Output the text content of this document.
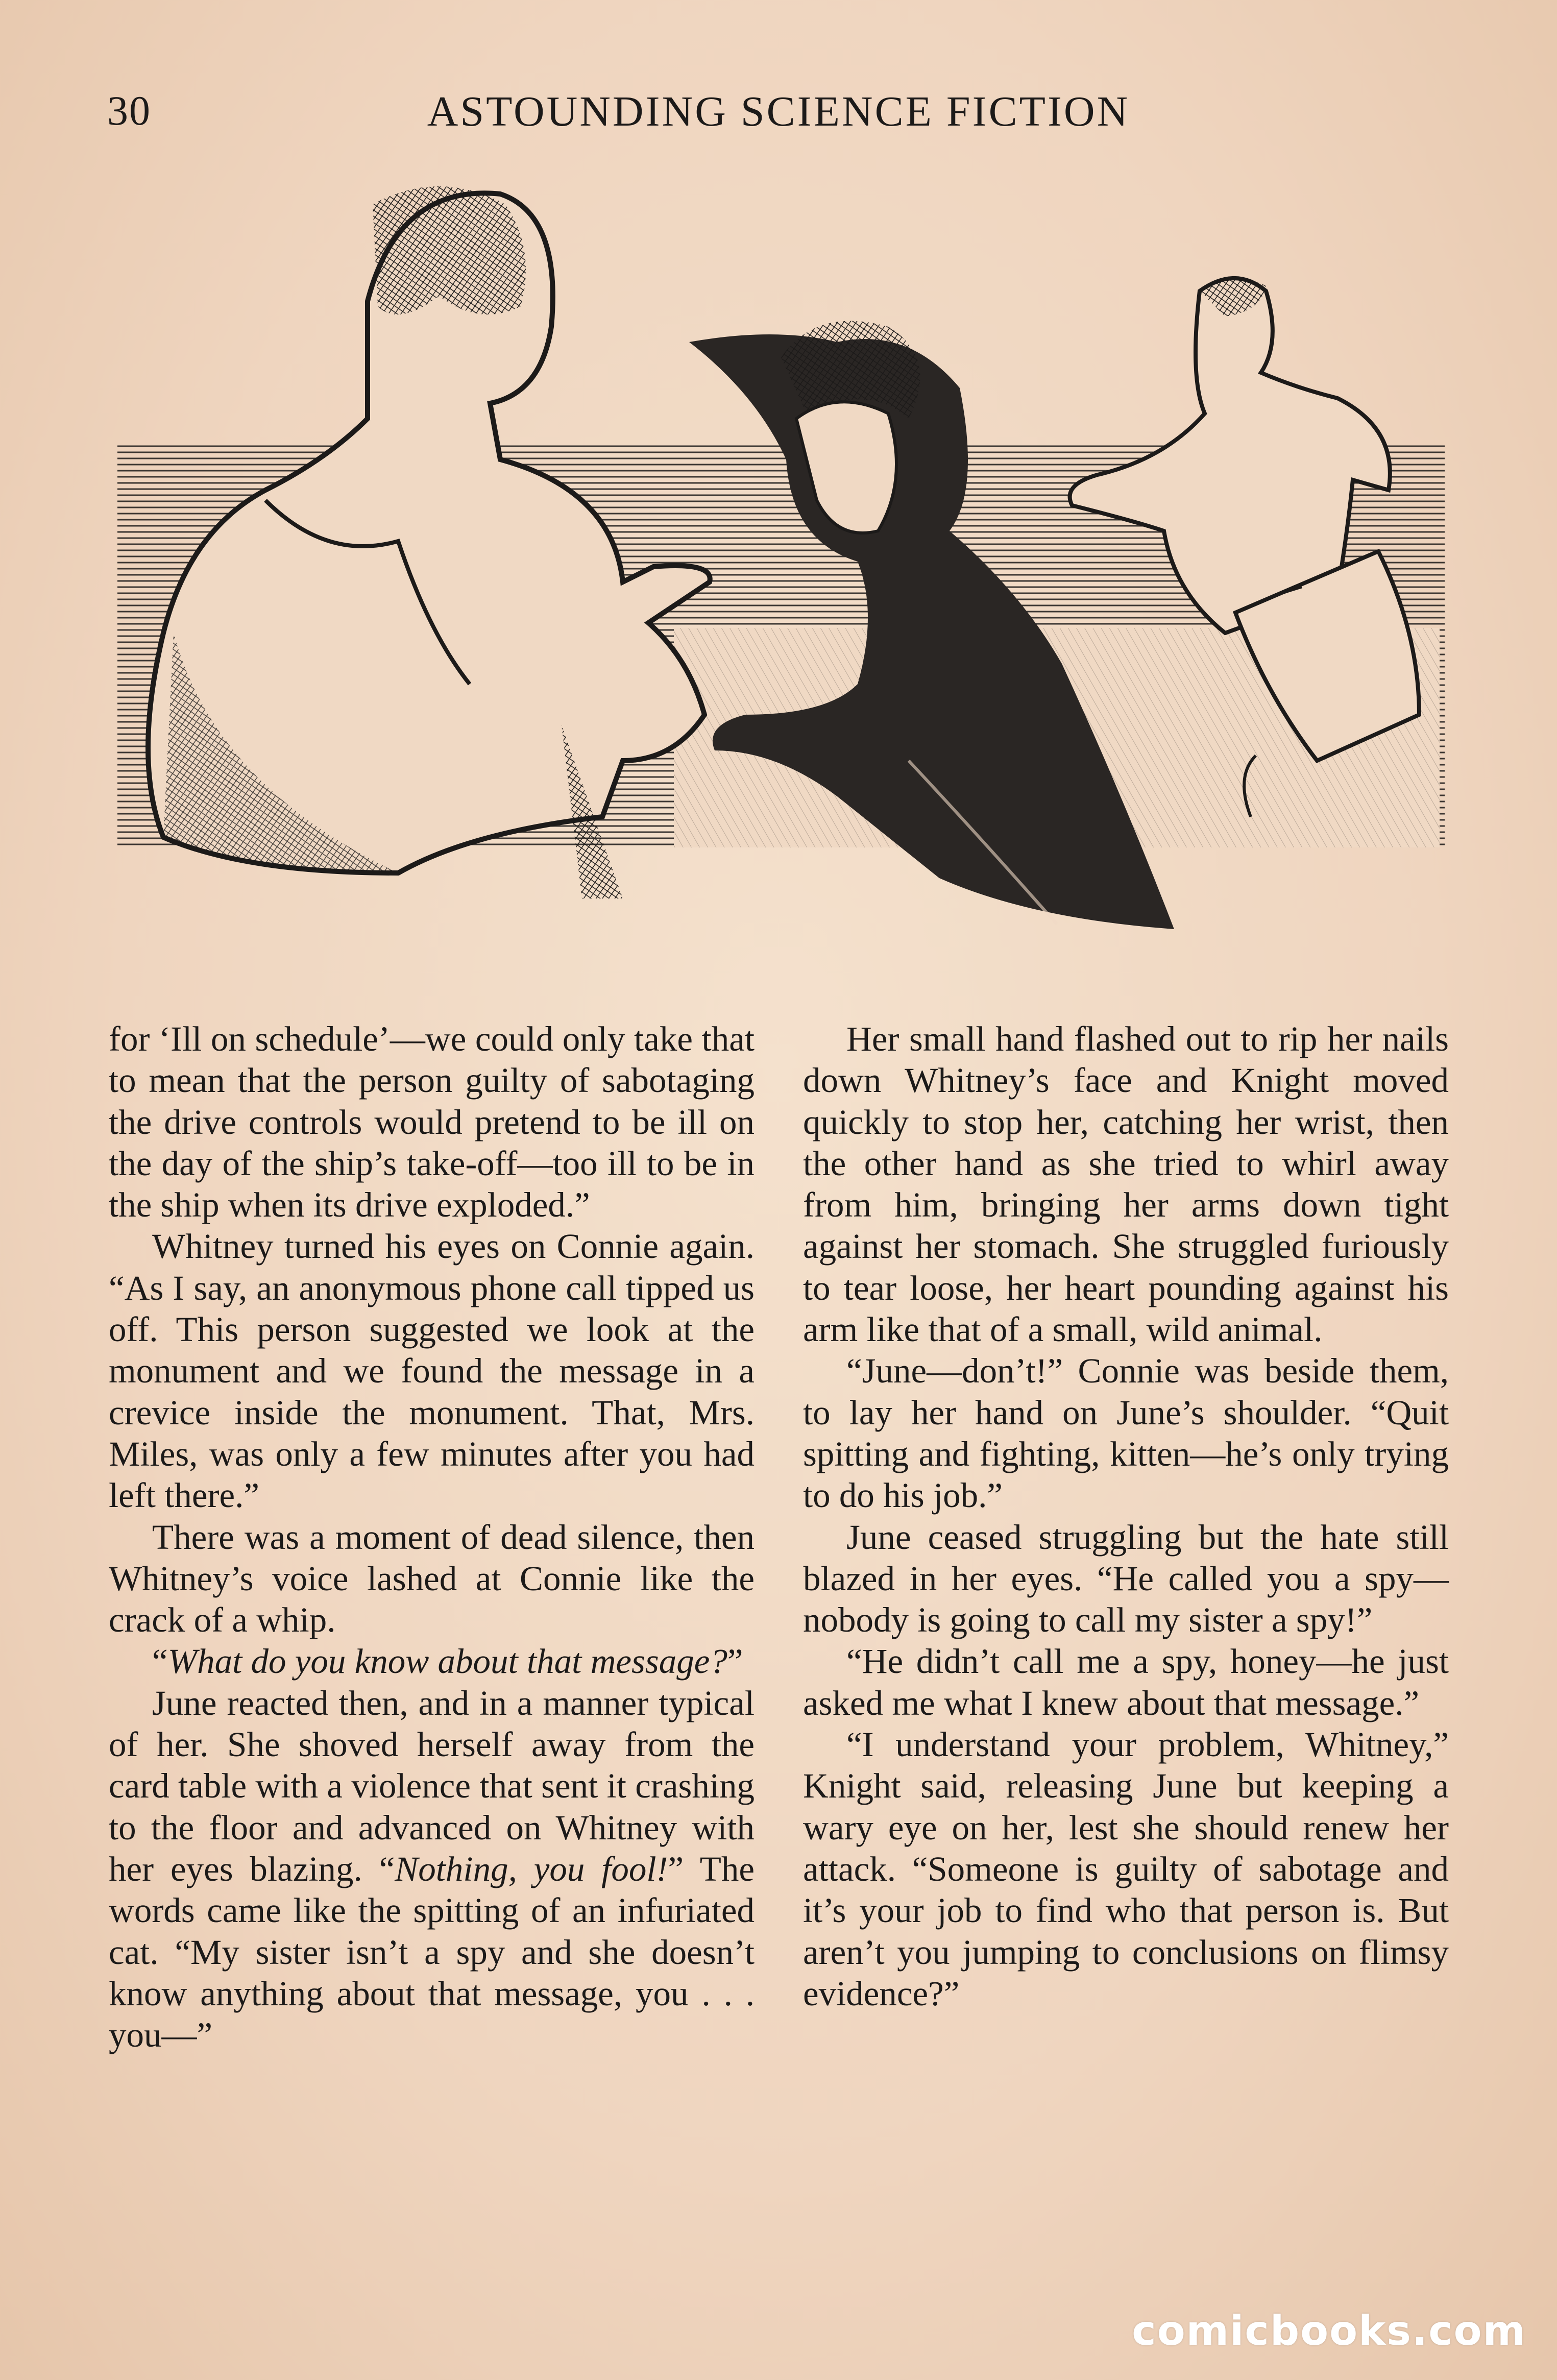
30	ASTOUNDING SCIENCE FICTION

for ‘Ill on schedule’—we could only take that to mean that the person guilty of sabotaging the drive controls would pretend to be ill on the day of the ship’s take-off—too ill to be in the ship when its drive exploded.”

Whitney turned his eyes on Connie again. “As I say, an anonymous phone call tipped us off. This person suggested we look at the monument and we found the message in a crevice inside the monument. That, Mrs. Miles, was only a few minutes after you had left there.”

There was a moment of dead silence, then Whitney’s voice lashed at Connie like the crack of a whip.

“What do you know about that message?”

June reacted then, and in a manner typical of her. She shoved herself away from the card table with a violence that sent it crashing to the floor and advanced on Whitney with her eyes blazing. “Nothing, you fool!” The words came like the spitting of an infuriated cat. “My sister isn’t a spy and she doesn’t know anything about that message, you . . . you—”

Her small hand flashed out to rip her nails down Whitney’s face and Knight moved quickly to stop her, catching her wrist, then the other hand as she tried to whirl away from him, bringing her arms down tight against her stomach. She struggled furiously to tear loose, her heart pounding against his arm like that of a small, wild animal.

“June—don’t!” Connie was beside them, to lay her hand on June’s shoulder. “Quit spitting and fighting, kitten—he’s only trying to do his job.”

June ceased struggling but the hate still blazed in her eyes. “He called you a spy—nobody is going to call my sister a spy!”

“He didn’t call me a spy, honey—he just asked me what I knew about that message.”

“I understand your problem, Whitney,” Knight said, releasing June but keeping a wary eye on her, lest she should renew her attack. “Someone is guilty of sabotage and it’s your job to find who that person is. But aren’t you jumping to conclusions on flimsy evidence?”

comicbooks.com
